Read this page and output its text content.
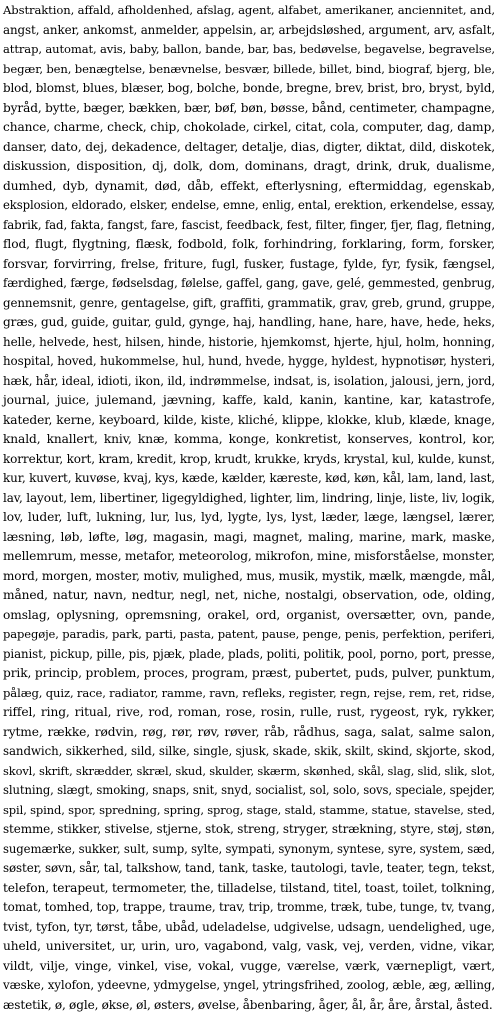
Abstraktion, affald, afholdenhed, afslag, agent, alfabet, amerikaner, anciennitet, and,
angst, anker, ankomst, anmelder, appelsin, ar, arbejdsløshed, argument, arv, asfalt,
attrap, automat, avis, baby, ballon, bande, bar, bas, bedøvelse, begavelse, begravelse,
begær, ben, benægtelse, benævnelse, besvær, billede, billet, bind, biograf, bjerg, ble,
blod, blomst, blues, blæser, bog, bolche, bonde, bregne, brev, brist, bro, bryst, byld,
byråd, bytte, bæger, bækken, bær, bøf, bøn, bøsse, bånd, centimeter, champagne,
chance, charme, check, chip, chokolade, cirkel, citat, cola, computer, dag, damp,
danser, dato, dej, dekadence, deltager, detalje, dias, digter, diktat, dild, diskotek,
diskussion, disposition, dj, dolk, dom, dominans, dragt, drink, druk, dualisme,
dumhed, dyb, dynamit, død, dåb, effekt, efterlysning, eftermiddag, egenskab,
eksplosion, eldorado, elsker, endelse, emne, enlig, ental, erektion, erkendelse, essay,
fabrik, fad, fakta, fangst, fare, fascist, feedback, fest, filter, finger, fjer, flag, fletning,
flod, flugt, flygtning, flæsk, fodbold, folk, forhindring, forklaring, form, forsker,
forsvar, forvirring, frelse, friture, fugl, fusker, fustage, fylde, fyr, fysik, fængsel,
færdighed, færge, fødselsdag, følelse, gaffel, gang, gave, gelé, gemmested, genbrug,
gennemsnit, genre, gentagelse, gift, graffiti, grammatik, grav, greb, grund, gruppe,
græs, gud, guide, guitar, guld, gynge, haj, handling, hane, hare, have, hede, heks,
helle, helvede, hest, hilsen, hinde, historie, hjemkomst, hjerte, hjul, holm, honning,
hospital, hoved, hukommelse, hul, hund, hvede, hygge, hyldest, hypnotisør, hysteri,
hæk, hår, ideal, idioti, ikon, ild, indrømmelse, indsat, is, isolation, jalousi, jern, jord,
journal, juice, julemand, jævning, kaffe, kald, kanin, kantine, kar, katastrofe,
kateder, kerne, keyboard, kilde, kiste, kliché, klippe, klokke, klub, klæde, knage,
knald, knallert, kniv, knæ, komma, konge, konkretist, konserves, kontrol, kor,
korrektur, kort, kram, kredit, krop, krudt, krukke, kryds, krystal, kul, kulde, kunst,
kur, kuvert, kuvøse, kvaj, kys, kæde, kælder, kæreste, kød, køn, kål, lam, land, last,
lav, layout, lem, libertiner, ligegyldighed, lighter, lim, lindring, linje, liste, liv, logik,
lov, luder, luft, lukning, lur, lus, lyd, lygte, lys, lyst, læder, læge, længsel, lærer,
læsning, løb, løfte, løg, magasin, magi, magnet, maling, marine, mark, maske,
mellemrum, messe, metafor, meteorolog, mikrofon, mine, misforståelse, monster,
mord, morgen, moster, motiv, mulighed, mus, musik, mystik, mælk, mængde, mål,
måned, natur, navn, nedtur, negl, net, niche, nostalgi, observation, ode, olding,
omslag, oplysning, opremsning, orakel, ord, organist, oversætter, ovn, pande,
papegøje, paradis, park, parti, pasta, patent, pause, penge, penis, perfektion, periferi,
pianist, pickup, pille, pis, pjæk, plade, plads, politi, politik, pool, porno, port, presse,
prik, princip, problem, proces, program, præst, pubertet, puds, pulver, punktum,
pålæg, quiz, race, radiator, ramme, ravn, refleks, register, regn, rejse, rem, ret, ridse,
riffel, ring, ritual, rive, rod, roman, rose, rosin, rulle, rust, rygeost, ryk, rykker,
rytme, række, rødvin, røg, rør, røv, røver, råb, rådhus, saga, salat, salme salon,
sandwich, sikkerhed, sild, silke, single, sjusk, skade, skik, skilt, skind, skjorte, skod,
skovl, skrift, skrædder, skræl, skud, skulder, skærm, skønhed, skål, slag, slid, slik, slot,
slutning, slægt, smoking, snaps, snit, snyd, socialist, sol, solo, sovs, speciale, spejder,
spil, spind, spor, spredning, spring, sprog, stage, stald, stamme, statue, stavelse, sted,
stemme, stikker, stivelse, stjerne, stok, streng, stryger, strækning, styre, støj, støn,
sugemærke, sukker, sult, sump, sylte, sympati, synonym, syntese, syre, system, sæd,
søster, søvn, sår, tal, talkshow, tand, tank, taske, tautologi, tavle, teater, tegn, tekst,
telefon, terapeut, termometer, the, tilladelse, tilstand, titel, toast, toilet, tolkning,
tomat, tomhed, top, trappe, traume, trav, trip, tromme, træk, tube, tunge, tv, tvang,
tvist, tyfon, tyr, tørst, tåbe, ubåd, udeladelse, udgivelse, udsagn, uendelighed, uge,
uheld, universitet, ur, urin, uro, vagabond, valg, vask, vej, verden, vidne, vikar,
vildt, vilje, vinge, vinkel, vise, vokal, vugge, værelse, værk, værnepligt, vært,
væske, xylofon, ydeevne, ydmygelse, yngel, ytringsfrihed, zoolog, æble, æg, ælling,
æstetik, ø, øgle, økse, øl, østers, øvelse, åbenbaring, åger, ål, år, åre, årstal, åsted.
